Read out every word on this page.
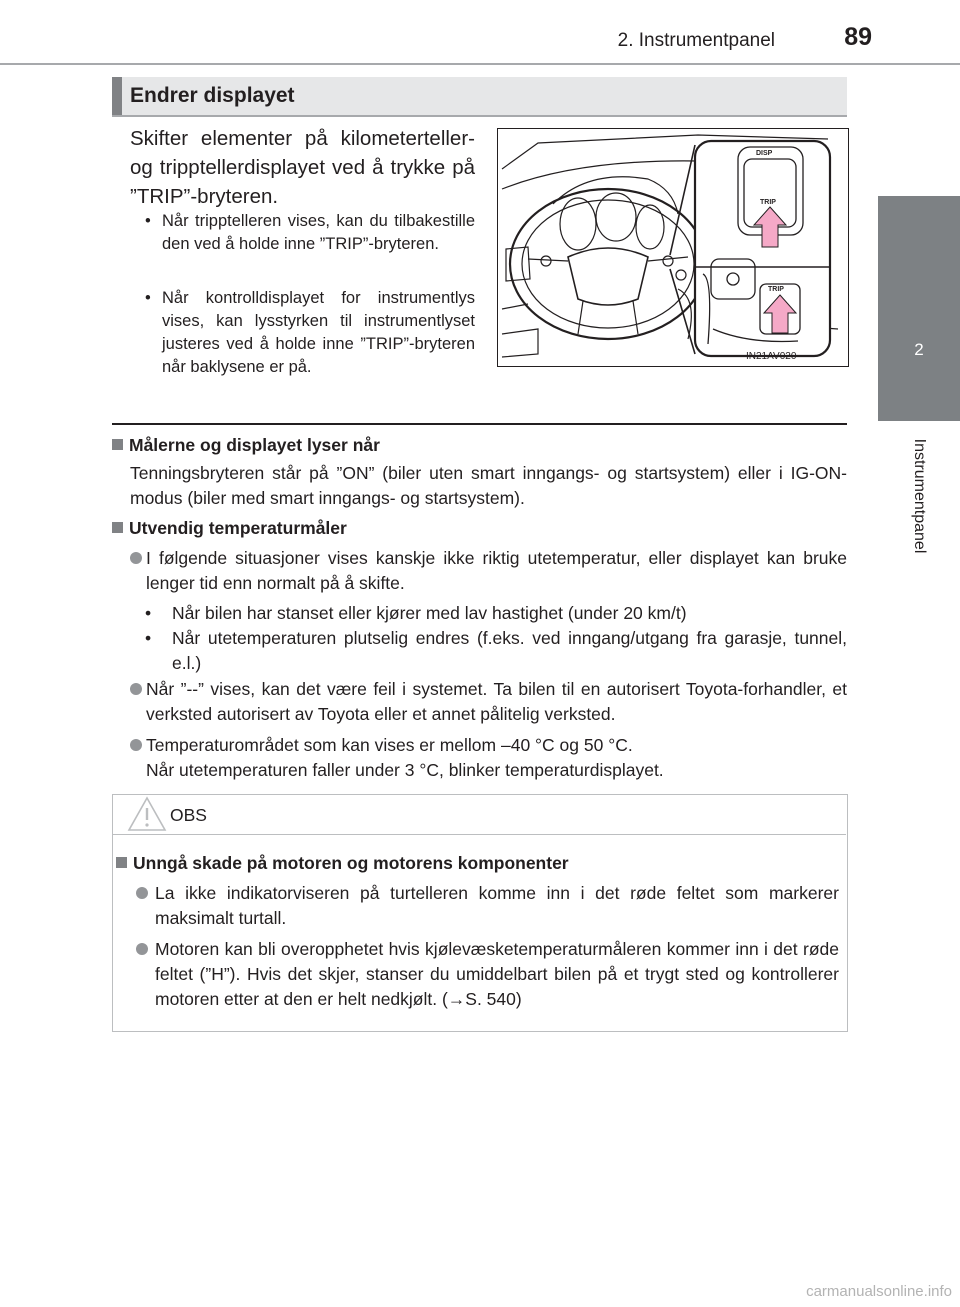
2. Instrumentpanel	89
2
Instrumentpanel
Endrer displayet
Skifter elementer på kilometerteller- og tripptellerdisplayet ved å trykke på ”TRIP”-bryteren.
• Når tripptelleren vises, kan du tilbakestille den ved å holde inne ”TRIP”-bryteren.
• Når kontrolldisplayet for instrumentlys vises, kan lysstyrken til instrumentlyset justeres ved å holde inne ”TRIP”-bryteren når baklysene er på.
DISP
TRIP
TRIP
IN21AV020
Målerne og displayet lyser når
Tenningsbryteren står på ”ON” (biler uten smart inngangs- og startsystem) eller i IG-ON-modus (biler med smart inngangs- og startsystem).
Utvendig temperaturmåler
I følgende situasjoner vises kanskje ikke riktig utetemperatur, eller displayet kan bruke lenger tid enn normalt på å skifte.
•	Når bilen har stanset eller kjører med lav hastighet (under 20 km/t)
•	Når utetemperaturen plutselig endres (f.eks. ved inngang/utgang fra garasje, tunnel, e.l.)
Når ”--” vises, kan det være feil i systemet. Ta bilen til en autorisert Toyota-forhandler, et verksted autorisert av Toyota eller et annet pålitelig verksted.
Temperaturområdet som kan vises er mellom –40 °C og 50 °C.
Når utetemperaturen faller under 3 °C, blinker temperaturdisplayet.
OBS
Unngå skade på motoren og motorens komponenter
La ikke indikatorviseren på turtelleren komme inn i det røde feltet som markerer maksimalt turtall.
Motoren kan bli overopphetet hvis kjølevæsketemperaturmåleren kommer inn i det røde feltet (”H”). Hvis det skjer, stanser du umiddelbart bilen på et trygt sted og kontrollerer motoren etter at den er helt nedkjølt. (→S. 540)
carmanualsonline.info
